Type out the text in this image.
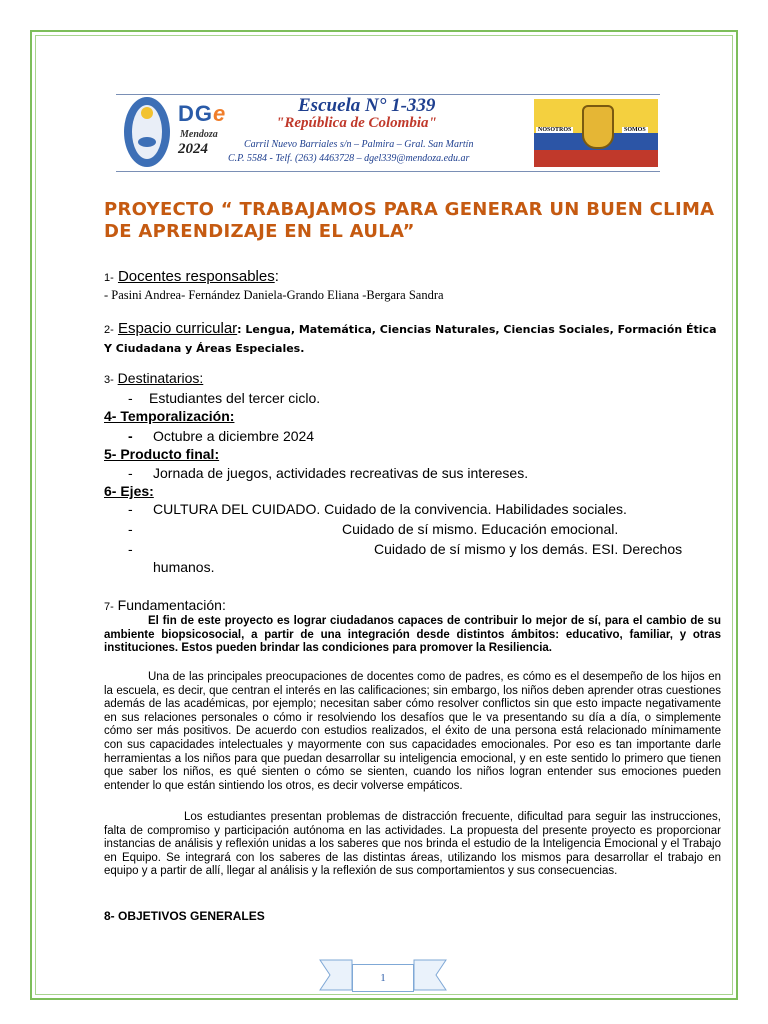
DGe
Mendoza
2024
Escuela N° 1-339
"República de Colombia"
Carril Nuevo Barriales s/n – Palmira – Gral. San Martín
C.P. 5584 - Telf. (263) 4463728 – dgel339@mendoza.edu.ar
NOSOTROS	SOMOS
PROYECTO “ TRABAJAMOS PARA GENERAR UN BUEN CLIMA DE APRENDIZAJE EN EL AULA”
1- Docentes responsables:
- Pasini Andrea- Fernández Daniela-Grando Eliana -Bergara Sandra
2- Espacio curricular: Lengua, Matemática, Ciencias Naturales, Ciencias Sociales, Formación Ética Y Ciudadana y Áreas Especiales.
3- Destinatarios:
- Estudiantes del tercer ciclo.
4- Temporalización:
- Octubre a diciembre 2024
5- Producto final:
- Jornada de juegos, actividades recreativas de sus intereses.
6- Ejes:
- CULTURA DEL CUIDADO. Cuidado de la convivencia. Habilidades sociales.
-	Cuidado de sí mismo. Educación emocional.
-	Cuidado de sí mismo y los demás. ESI. Derechos
humanos.
7- Fundamentación:
El fin de este proyecto es lograr ciudadanos capaces de contribuir lo mejor de sí, para el cambio de su ambiente biopsicosocial, a partir de una integración desde distintos ámbitos: educativo, familiar, y otras instituciones. Estos pueden brindar las condiciones para promover la Resiliencia.
Una de las principales preocupaciones de docentes como de padres, es cómo es el desempeño de los hijos en la escuela, es decir, que centran el interés en las calificaciones; sin embargo, los niños deben aprender otras cuestiones además de las académicas, por ejemplo; necesitan saber cómo resolver conflictos sin que esto impacte negativamente en sus relaciones personales o cómo ir resolviendo los desafíos que le va presentando su día a día, o simplemente cómo ser más positivos. De acuerdo con estudios realizados, el éxito de una persona está relacionado mínimamente con sus capacidades intelectuales y mayormente con sus capacidades emocionales. Por eso es tan importante darle herramientas a los niños para que puedan desarrollar su inteligencia emocional, y en este sentido lo primero que tienen que saber los niños, es qué sienten o cómo se sienten, cuando los niños logran entender sus emociones pueden entender lo que están sintiendo los otros, es decir volverse empáticos.
Los estudiantes presentan problemas de distracción frecuente, dificultad para seguir las instrucciones, falta de compromiso y participación autónoma en las actividades. La propuesta del presente proyecto es proporcionar instancias de análisis y reflexión unidas a los saberes que nos brinda el estudio de la Inteligencia Emocional y el Trabajo en Equipo. Se integrará con los saberes de las distintas áreas, utilizando los mismos para desarrollar el trabajo en equipo y a partir de allí, llegar al análisis y la reflexión de sus comportamientos y sus consecuencias.
8- OBJETIVOS GENERALES
1
